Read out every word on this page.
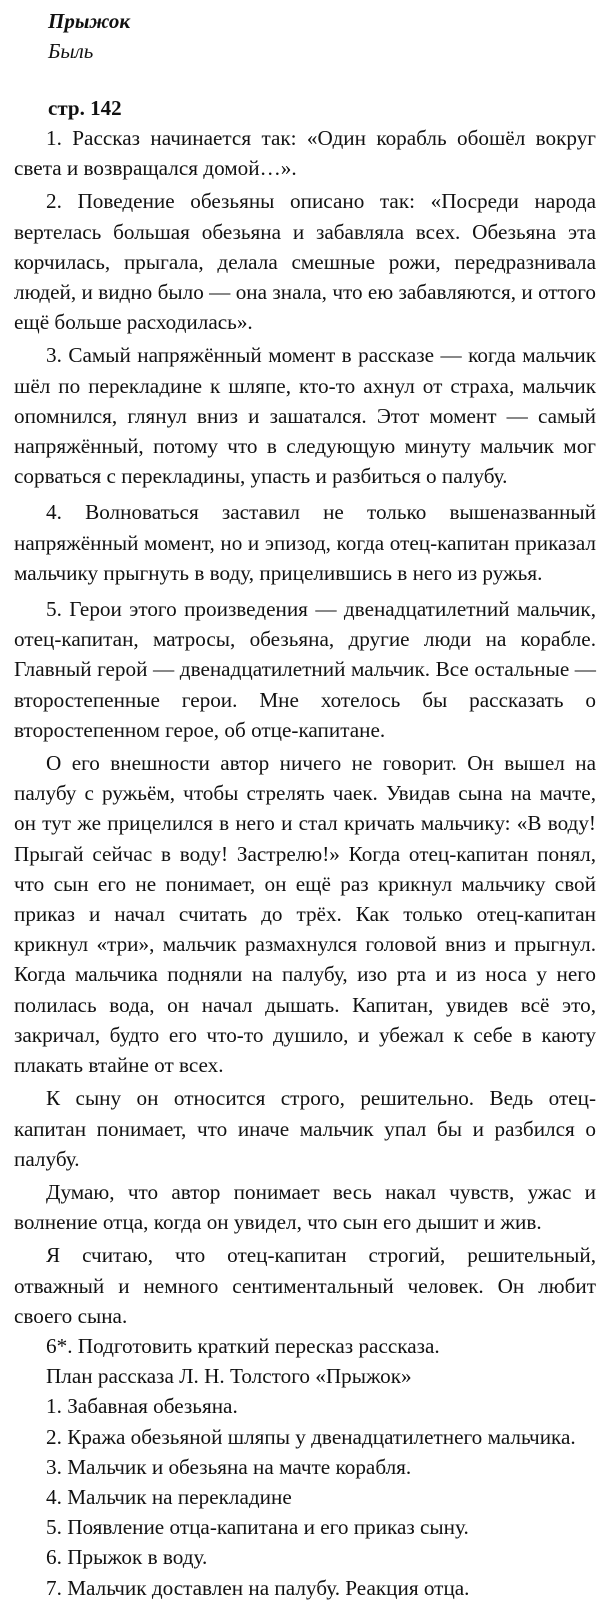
Прыжок
Быль
стр. 142

1. Рассказ начинается так: «Один корабль обошёл вокруг света и возвращался домой…».

2. Поведение обезьяны описано так: «Посреди народа вертелась большая обезьяна и забавляла всех. Обезьяна эта корчилась, прыгала, делала смешные рожи, передразнивала людей, и видно было — она знала, что ею забавляются, и оттого ещё больше расходилась».

3. Самый напряжённый момент в рассказе — когда мальчик шёл по перекладине к шляпе, кто-то ахнул от страха, мальчик опомнился, глянул вниз и зашатался. Этот момент — самый напряжённый, потому что в следующую минуту мальчик мог сорваться с перекладины, упасть и разбиться о палубу.

4. Волноваться заставил не только вышеназванный напряжённый момент, но и эпизод, когда отец-капитан приказал мальчику прыгнуть в воду, прицелившись в него из ружья.

5. Герои этого произведения — двенадцатилетний мальчик, отец-капитан, матросы, обезьяна, другие люди на корабле. Главный герой — двенадцатилетний мальчик. Все остальные — второстепенные герои. Мне хотелось бы рассказать о второстепенном герое, об отце-капитане.

О его внешности автор ничего не говорит. Он вышел на палубу с ружьём, чтобы стрелять чаек. Увидав сына на мачте, он тут же прицелился в него и стал кричать мальчику: «В воду! Прыгай сейчас в воду! Застрелю!» Когда отец-капитан понял, что сын его не понимает, он ещё раз крикнул мальчику свой приказ и начал считать до трёх. Как только отец-капитан крикнул «три», мальчик размахнулся головой вниз и прыгнул. Когда мальчика подняли на палубу, изо рта и из носа у него полилась вода, он начал дышать. Капитан, увидев всё это, закричал, будто его что-то душило, и убежал к себе в каюту плакать втайне от всех.

К сыну он относится строго, решительно. Ведь отец-капитан понимает, что иначе мальчик упал бы и разбился о палубу.

Думаю, что автор понимает весь накал чувств, ужас и волнение отца, когда он увидел, что сын его дышит и жив.

Я считаю, что отец-капитан строгий, решительный, отважный и немного сентиментальный человек. Он любит своего сына.

6*. Подготовить краткий пересказ рассказа.

План рассказа Л. Н. Толстого «Прыжок»

1. Забавная обезьяна.

2. Кража обезьяной шляпы у двенадцатилетнего мальчика.

3. Мальчик и обезьяна на мачте корабля.

4. Мальчик на перекладине

5. Появление отца-капитана и его приказ сыну.

6. Прыжок в воду.

7. Мальчик доставлен на палубу. Реакция отца.
